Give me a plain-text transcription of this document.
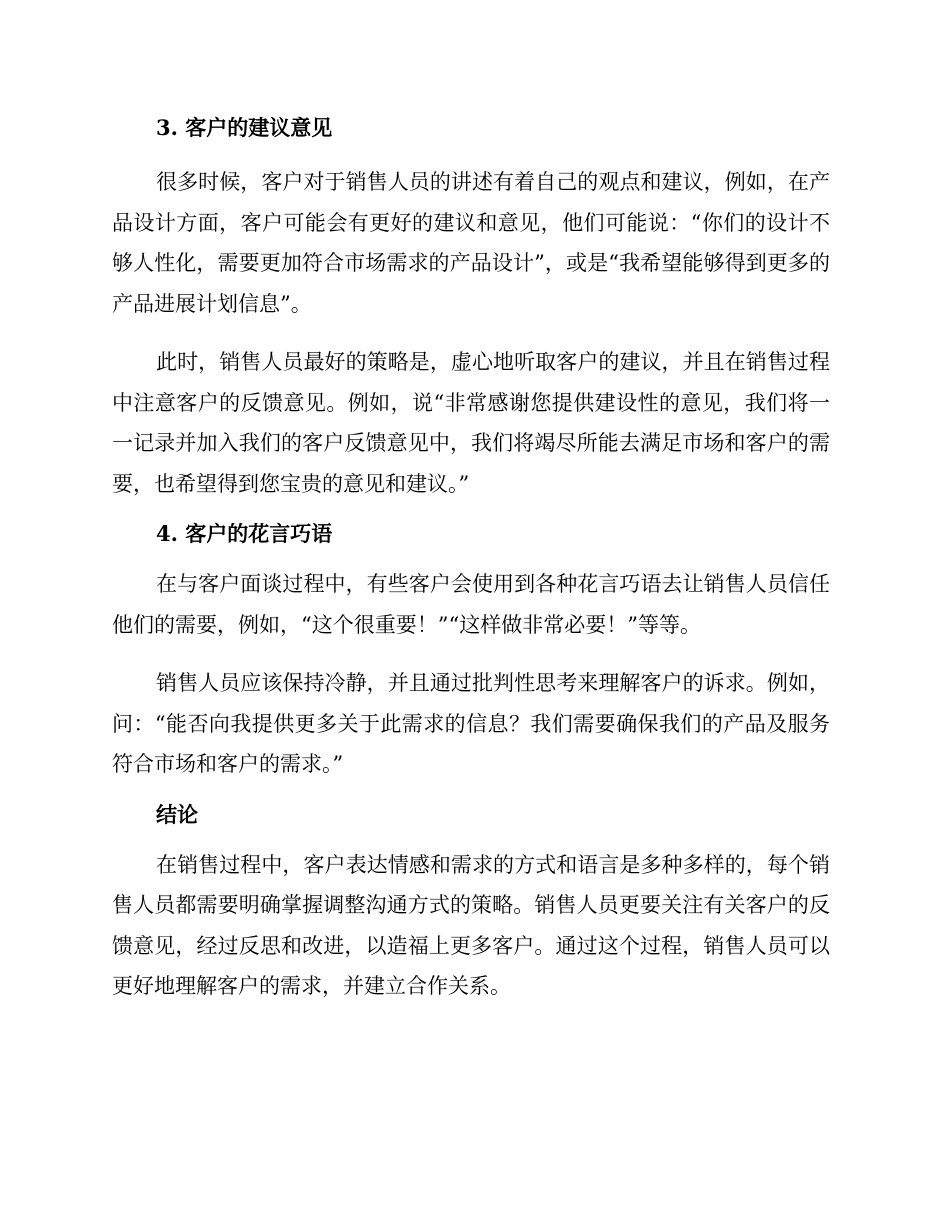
3. 客户的建议意见

很多时候，客户对于销售人员的讲述有着自己的观点和建议，例如，在产品设计方面，客户可能会有更好的建议和意见，他们可能说：“你们的设计不够人性化，需要更加符合市场需求的产品设计”，或是“我希望能够得到更多的产品进展计划信息”。

此时，销售人员最好的策略是，虚心地听取客户的建议，并且在销售过程中注意客户的反馈意见。例如，说“非常感谢您提供建设性的意见，我们将一一记录并加入我们的客户反馈意见中，我们将竭尽所能去满足市场和客户的需要，也希望得到您宝贵的意见和建议。”

4. 客户的花言巧语

在与客户面谈过程中，有些客户会使用到各种花言巧语去让销售人员信任他们的需要，例如，“这个很重要！”“这样做非常必要！”等等。

销售人员应该保持冷静，并且通过批判性思考来理解客户的诉求。例如，问：“能否向我提供更多关于此需求的信息？我们需要确保我们的产品及服务符合市场和客户的需求。”

结论

在销售过程中，客户表达情感和需求的方式和语言是多种多样的，每个销售人员都需要明确掌握调整沟通方式的策略。销售人员更要关注有关客户的反馈意见，经过反思和改进，以造福上更多客户。通过这个过程，销售人员可以更好地理解客户的需求，并建立合作关系。
